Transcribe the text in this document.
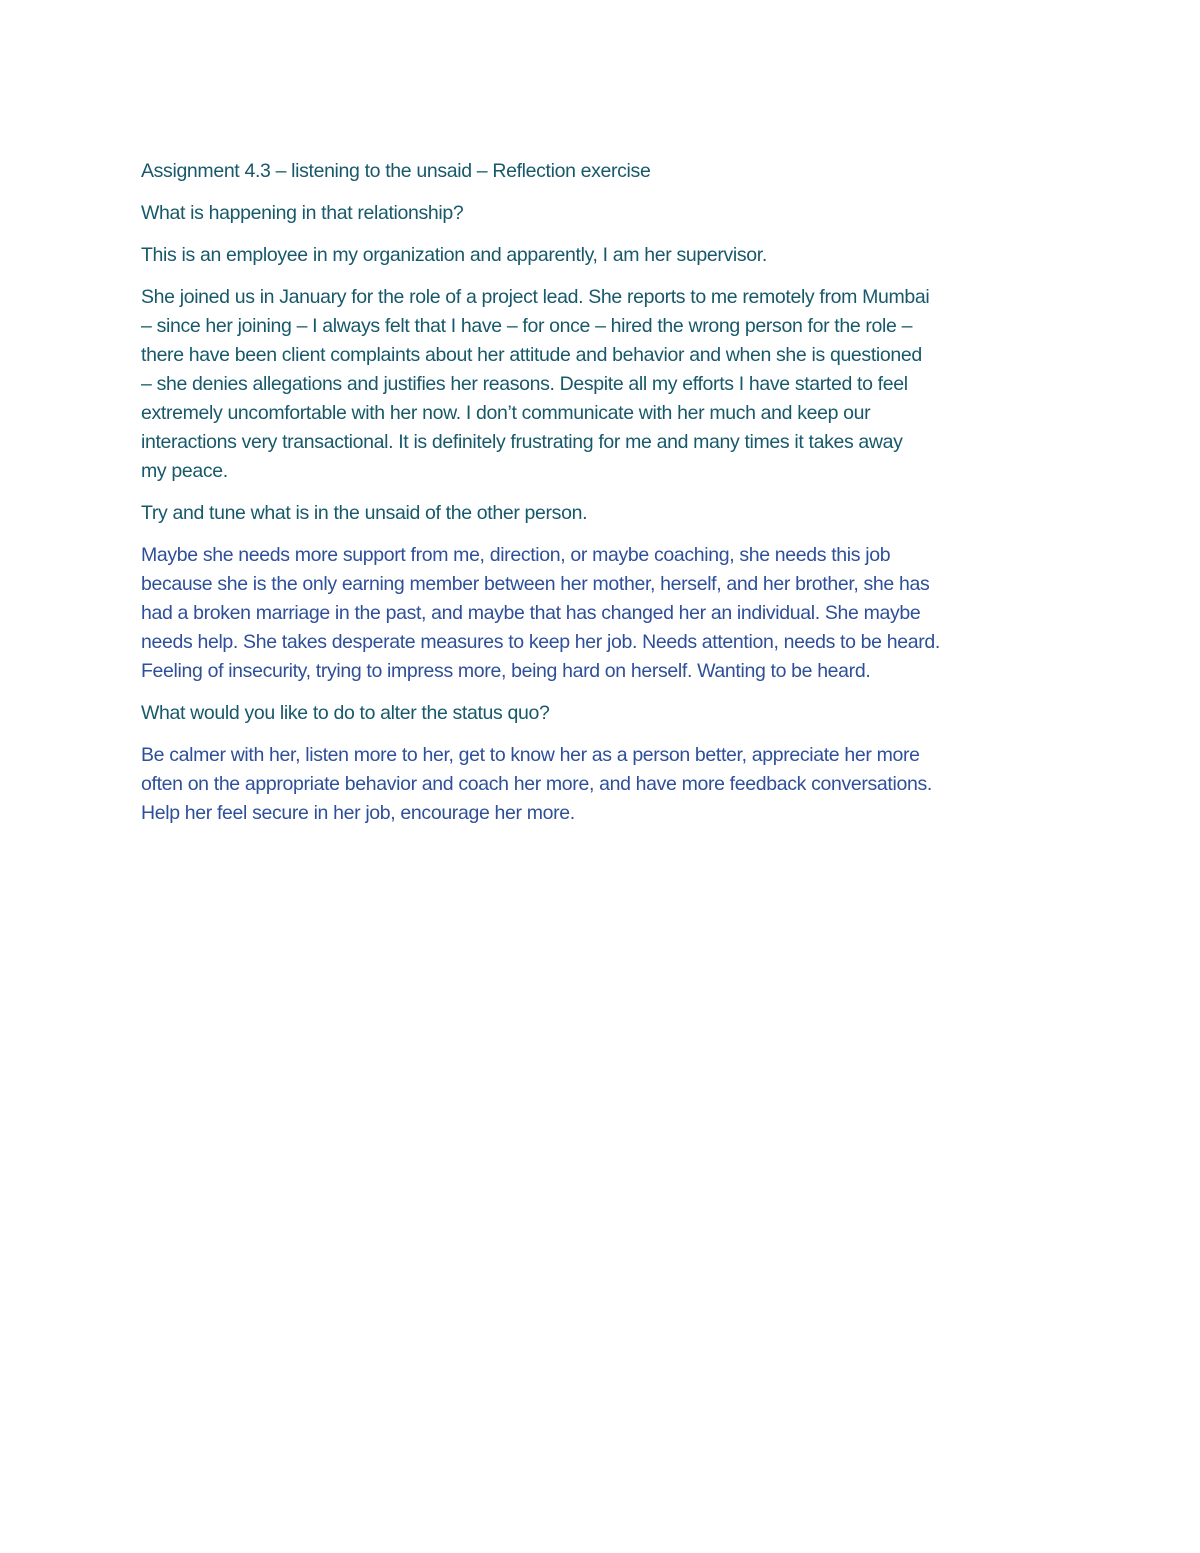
Assignment 4.3 – listening to the unsaid – Reflection exercise

What is happening in that relationship?

This is an employee in my organization and apparently, I am her supervisor.

She joined us in January for the role of a project lead. She reports to me remotely from Mumbai
– since her joining – I always felt that I have – for once – hired the wrong person for the role –
there have been client complaints about her attitude and behavior and when she is questioned
– she denies allegations and justifies her reasons. Despite all my efforts I have started to feel
extremely uncomfortable with her now. I don’t communicate with her much and keep our
interactions very transactional. It is definitely frustrating for me and many times it takes away
my peace.

Try and tune what is in the unsaid of the other person.

Maybe she needs more support from me, direction, or maybe coaching, she needs this job
because she is the only earning member between her mother, herself, and her brother, she has
had a broken marriage in the past, and maybe that has changed her an individual. She maybe
needs help. She takes desperate measures to keep her job. Needs attention, needs to be heard.
Feeling of insecurity, trying to impress more, being hard on herself. Wanting to be heard.

What would you like to do to alter the status quo?

Be calmer with her, listen more to her, get to know her as a person better, appreciate her more
often on the appropriate behavior and coach her more, and have more feedback conversations.
Help her feel secure in her job, encourage her more.
